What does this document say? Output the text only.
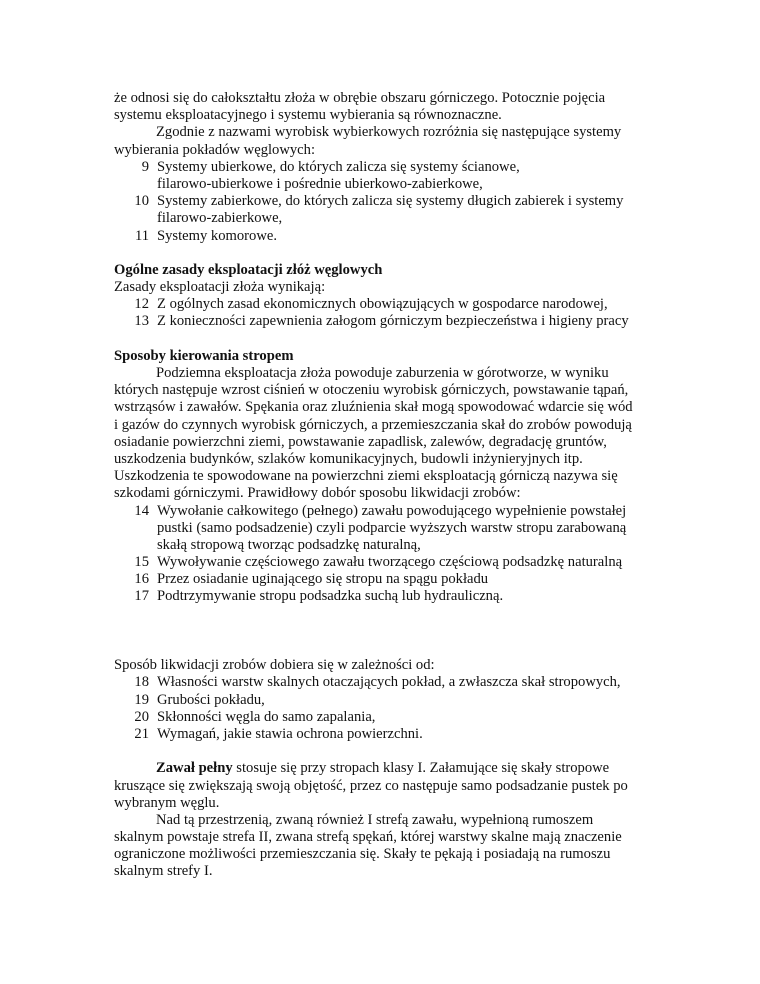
że odnosi się do całokształtu złoża w obrębie obszaru górniczego. Potocznie pojęcia
systemu eksploatacyjnego i systemu wybierania są równoznaczne.
Zgodnie z nazwami wyrobisk wybierkowych rozróżnia się następujące systemy
wybierania pokładów węglowych:
9 Systemy ubierkowe, do których zalicza się systemy ścianowe,
filarowo-ubierkowe i pośrednie ubierkowo-zabierkowe,
10 Systemy zabierkowe, do których zalicza się systemy długich zabierek i systemy
filarowo-zabierkowe,
11 Systemy komorowe.
Ogólne zasady eksploatacji złóż węglowych
Zasady eksploatacji złoża wynikają:
12 Z ogólnych zasad ekonomicznych obowiązujących w gospodarce narodowej,
13 Z konieczności zapewnienia załogom górniczym bezpieczeństwa i higieny pracy
Sposoby kierowania stropem
Podziemna eksploatacja złoża powoduje zaburzenia w górotworze, w wyniku
których następuje wzrost ciśnień w otoczeniu wyrobisk górniczych, powstawanie tąpań,
wstrząsów i zawałów. Spękania oraz zluźnienia skał mogą spowodować wdarcie się wód
i gazów do czynnych wyrobisk górniczych, a przemieszczania skał do zrobów powodują
osiadanie powierzchni ziemi, powstawanie zapadlisk, zalewów, degradację gruntów,
uszkodzenia budynków, szlaków komunikacyjnych, budowli inżynieryjnych itp.
Uszkodzenia te spowodowane na powierzchni ziemi eksploatacją górniczą nazywa się
szkodami górniczymi. Prawidłowy dobór sposobu likwidacji zrobów:
14 Wywołanie całkowitego (pełnego) zawału powodującego wypełnienie powstałej
pustki (samo podsadzenie) czyli podparcie wyższych warstw stropu zarabowaną
skałą stropową tworząc podsadzkę naturalną,
15 Wywoływanie częściowego zawału tworzącego częściową podsadzkę naturalną
16 Przez osiadanie uginającego się stropu na spągu pokładu
17 Podtrzymywanie stropu podsadzka suchą lub hydrauliczną.
Sposób likwidacji zrobów dobiera się w zależności od:
18 Własności warstw skalnych otaczających pokład, a zwłaszcza skał stropowych,
19 Grubości pokładu,
20 Skłonności węgla do samo zapalania,
21 Wymagań, jakie stawia ochrona powierzchni.
Zawał pełny stosuje się przy stropach klasy I. Załamujące się skały stropowe
kruszące się zwiększają swoją objętość, przez co następuje samo podsadzanie pustek po
wybranym węglu.
Nad tą przestrzenią, zwaną również I strefą zawału, wypełnioną rumoszem
skalnym powstaje strefa II, zwana strefą spękań, której warstwy skalne mają znaczenie
ograniczone możliwości przemieszczania się. Skały te pękają i posiadają na rumoszu
skalnym strefy I.
